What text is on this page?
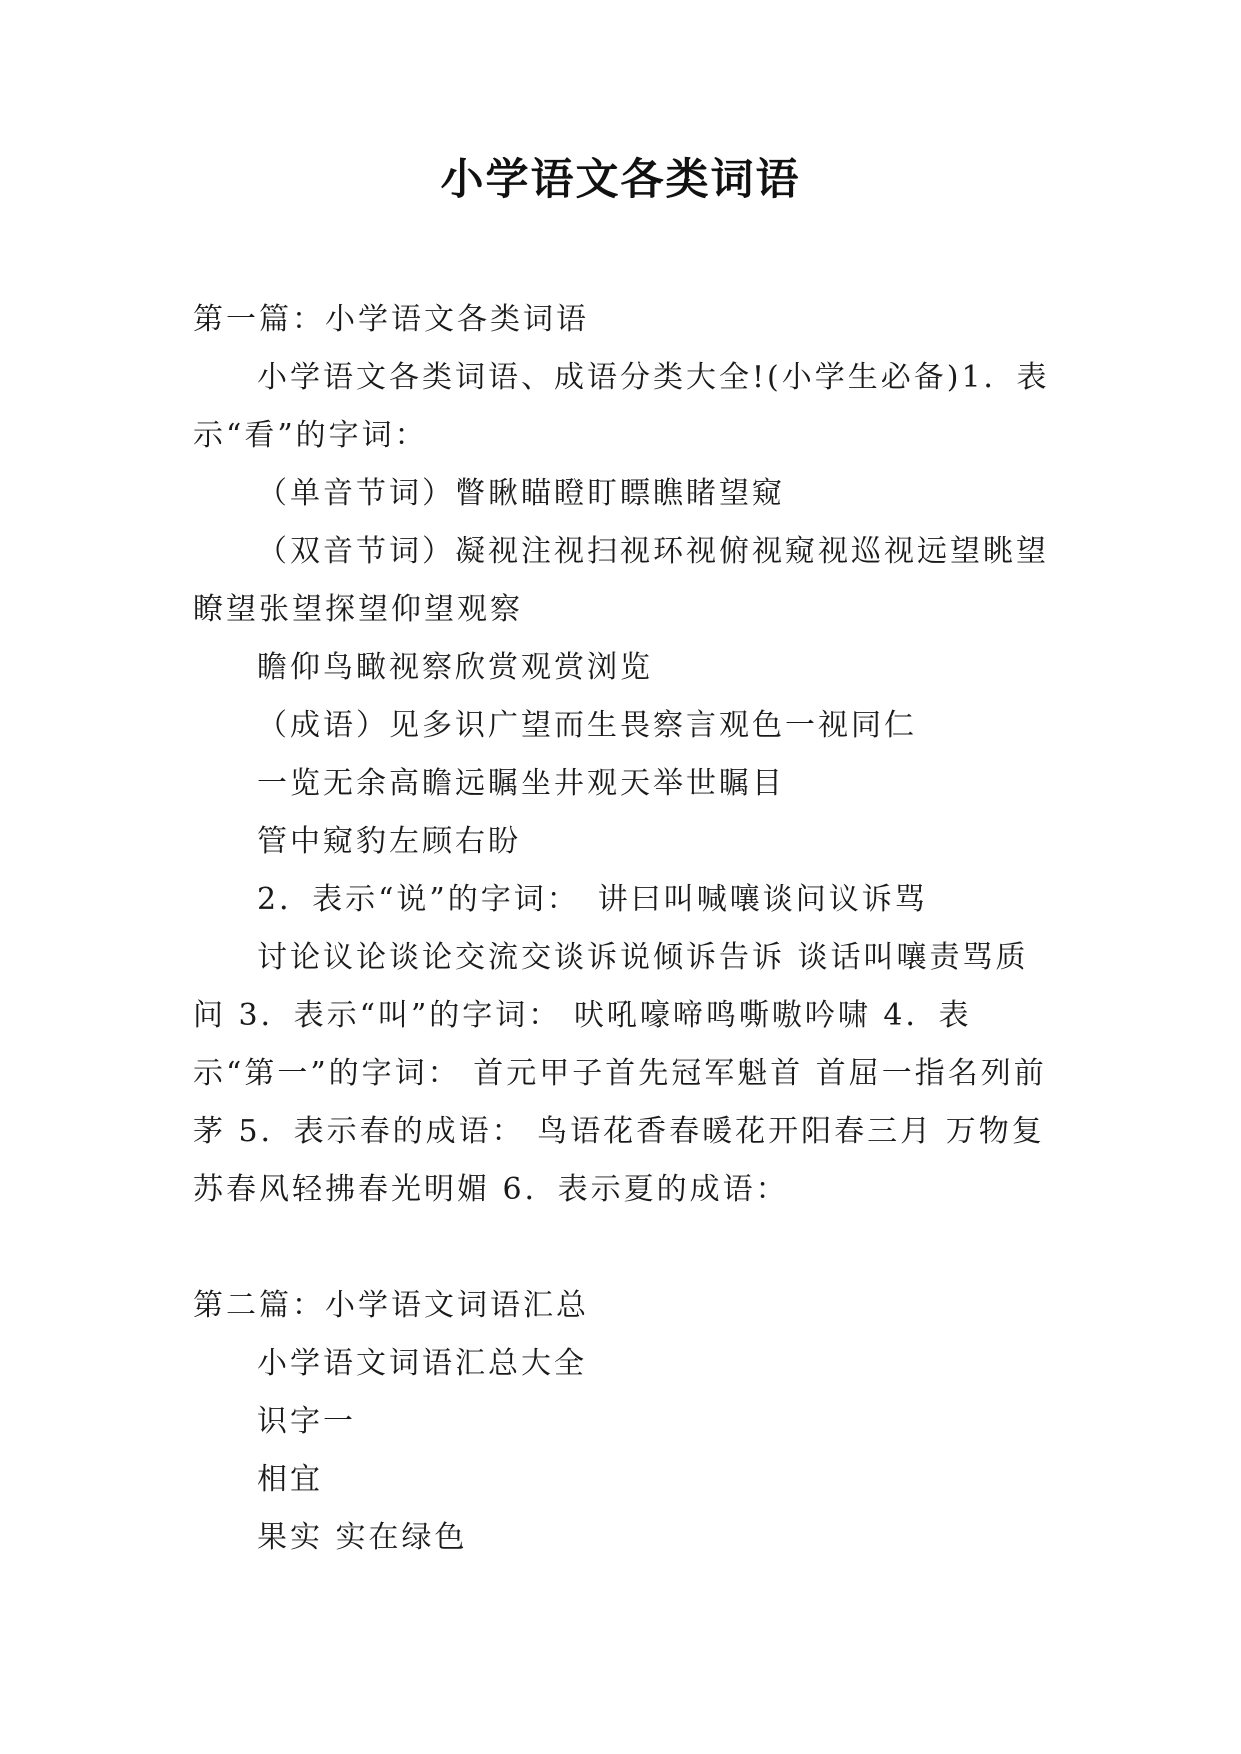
小学语文各类词语

第一篇：小学语文各类词语

小学语文各类词语、成语分类大全!(小学生必备)1．表示“看”的字词：

（单音节词）瞥瞅瞄瞪盯瞟瞧睹望窥

（双音节词）凝视注视扫视环视俯视窥视巡视远望眺望瞭望张望探望仰望观察

瞻仰鸟瞰视察欣赏观赏浏览

（成语）见多识广望而生畏察言观色一视同仁

一览无余高瞻远瞩坐井观天举世瞩目

管中窥豹左顾右盼

2．表示“说”的字词：　讲曰叫喊嚷谈问议诉骂

讨论议论谈论交流交谈诉说倾诉告诉 谈话叫嚷责骂质问 3．表示“叫”的字词： 吠吼嚎啼鸣嘶嗷吟啸 4．表示“第一”的字词： 首元甲子首先冠军魁首 首屈一指名列前茅 5．表示春的成语： 鸟语花香春暖花开阳春三月 万物复苏春风轻拂春光明媚 6．表示夏的成语：

第二篇：小学语文词语汇总

小学语文词语汇总大全

识字一

相宜

果实 实在绿色
